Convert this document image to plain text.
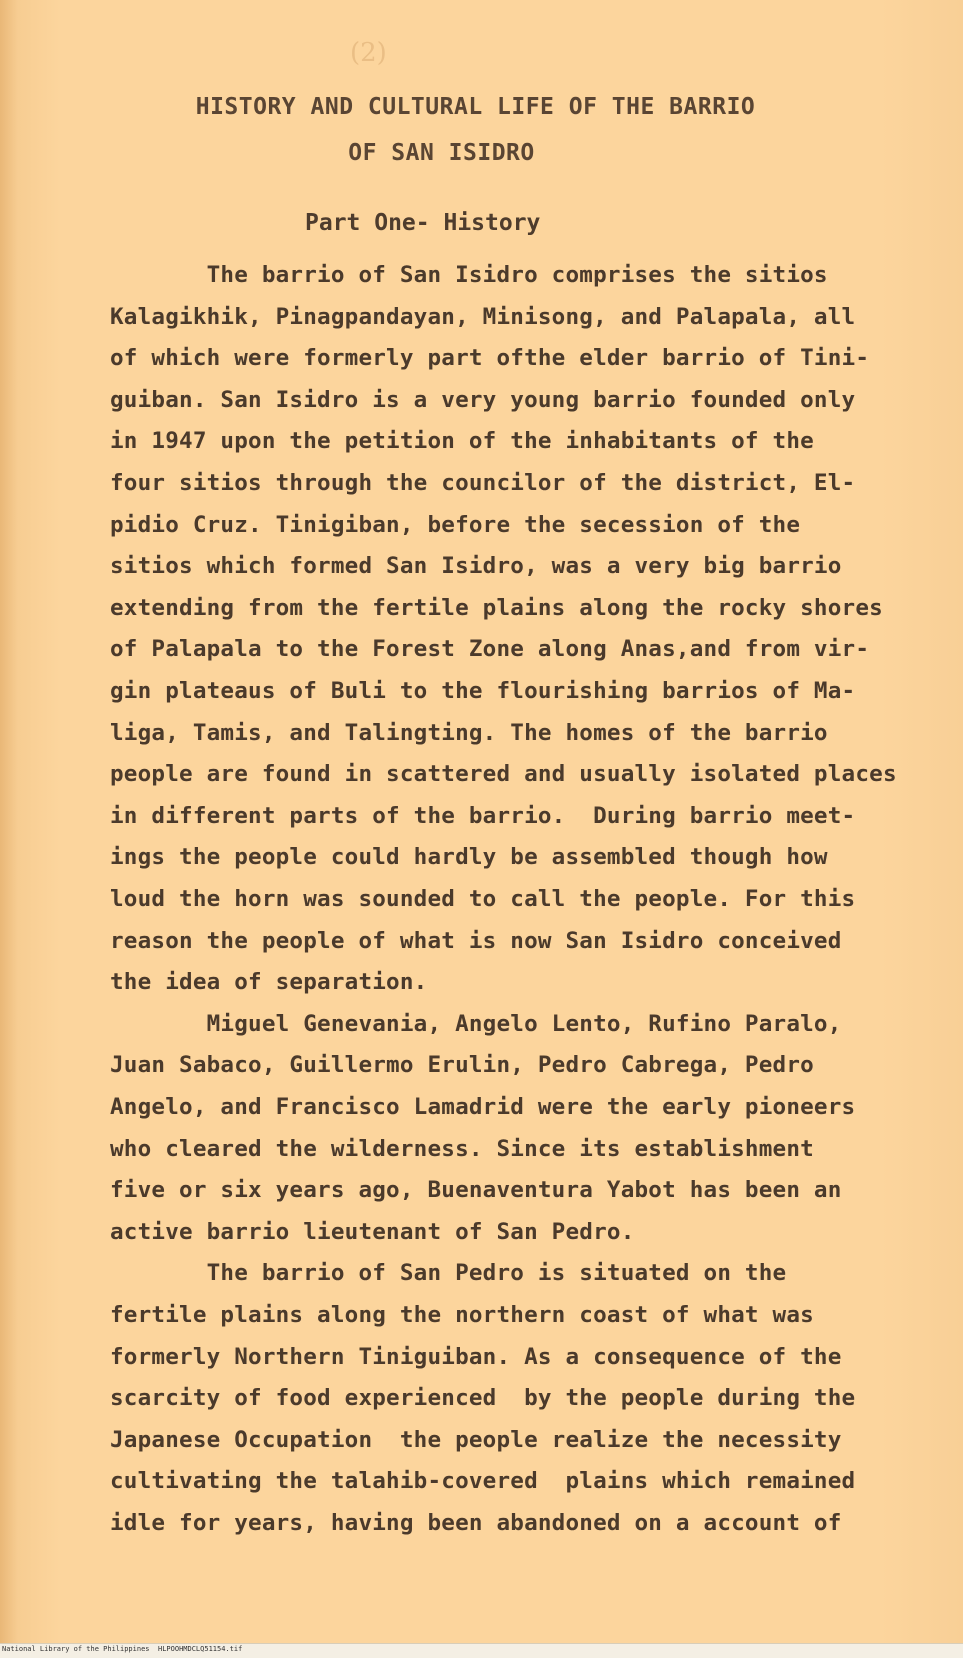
(2)
HISTORY AND CULTURAL LIFE OF THE BARRIO
OF SAN ISIDRO
Part One- History
The barrio of San Isidro comprises the sitios
Kalagikhik, Pinagpandayan, Minisong, and Palapala, all
of which were formerly part ofthe elder barrio of Tini-
guiban. San Isidro is a very young barrio founded only
in 1947 upon the petition of the inhabitants of the
four sitios through the councilor of the district, El-
pidio Cruz. Tinigiban, before the secession of the
sitios which formed San Isidro, was a very big barrio
extending from the fertile plains along the rocky shores
of Palapala to the Forest Zone along Anas,and from vir-
gin plateaus of Buli to the flourishing barrios of Ma-
liga, Tamis, and Talingting. The homes of the barrio
people are found in scattered and usually isolated places
in different parts of the barrio.  During barrio meet-
ings the people could hardly be assembled though how
loud the horn was sounded to call the people. For this
reason the people of what is now San Isidro conceived
the idea of separation.
Miguel Genevania, Angelo Lento, Rufino Paralo,
Juan Sabaco, Guillermo Erulin, Pedro Cabrega, Pedro
Angelo, and Francisco Lamadrid were the early pioneers
who cleared the wilderness. Since its establishment
five or six years ago, Buenaventura Yabot has been an
active barrio lieutenant of San Pedro.
The barrio of San Pedro is situated on the
fertile plains along the northern coast of what was
formerly Northern Tiniguiban. As a consequence of the
scarcity of food experienced  by the people during the
Japanese Occupation  the people realize the necessity
cultivating the talahib-covered  plains which remained
idle for years, having been abandoned on a account of
National Library of the Philippines HLPOOHMDCLQ51154.tif
